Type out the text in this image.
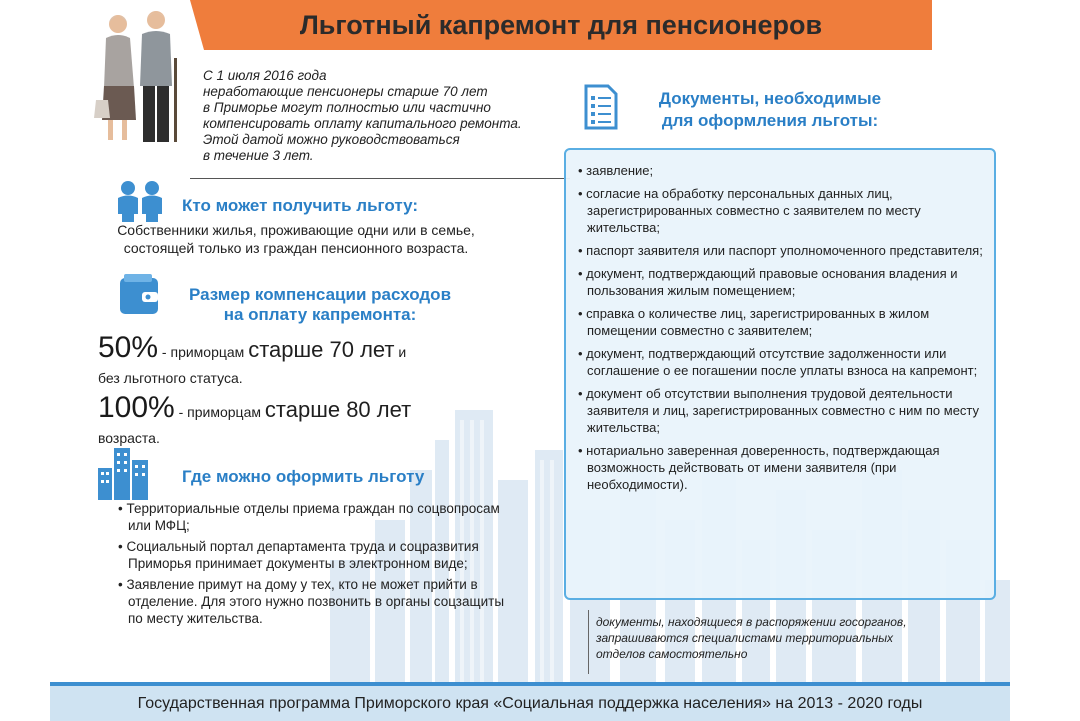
Льготный капремонт для пенсионеров
С 1 июля 2016 года
неработающие пенсионеры старше 70 лет
в Приморье могут полностью или частично
компенсировать оплату капитального ремонта.
Этой датой можно руководствоваться
в течение 3 лет.
Кто может получить льготу:
Собственники жилья, проживающие одни или в семье,
состоящей только из граждан пенсионного возраста.
Размер компенсации расходов
на оплату капремонта:
50% - приморцам старше 70 лет и
без льготного статуса.
100% - приморцам старше 80 лет
возраста.
Где можно оформить льготу
• Территориальные отделы приема граждан по соцвопросам или МФЦ;
• Социальный портал департамента труда и соцразвития Приморья принимает документы в электронном виде;
• Заявление примут на дому у тех, кто не может прийти в отделение. Для этого нужно позвонить в органы соцзащиты по месту жительства.
Документы, необходимые
для оформления льготы:
• заявление;
• согласие на обработку персональных данных лиц, зарегистрированных совместно с заявителем по месту жительства;
• паспорт заявителя или паспорт уполномоченного представителя;
• документ, подтверждающий правовые основания владения и пользования жилым помещением;
• справка о количестве лиц, зарегистрированных в жилом помещении совместно с заявителем;
• документ, подтверждающий отсутствие задолженности или соглашение о ее погашении после уплаты взноса на капремонт;
• документ об отсутствии выполнения трудовой деятельности заявителя и лиц, зарегистрированных совместно с ним по месту жительства;
• нотариально заверенная доверенность, подтверждающая возможность действовать от имени заявителя (при необходимости).
документы, находящиеся в распоряжении госорганов,
запрашиваются специалистами территориальных
отделов самостоятельно
Государственная программа Приморского края «Социальная поддержка населения» на 2013 - 2020 годы
